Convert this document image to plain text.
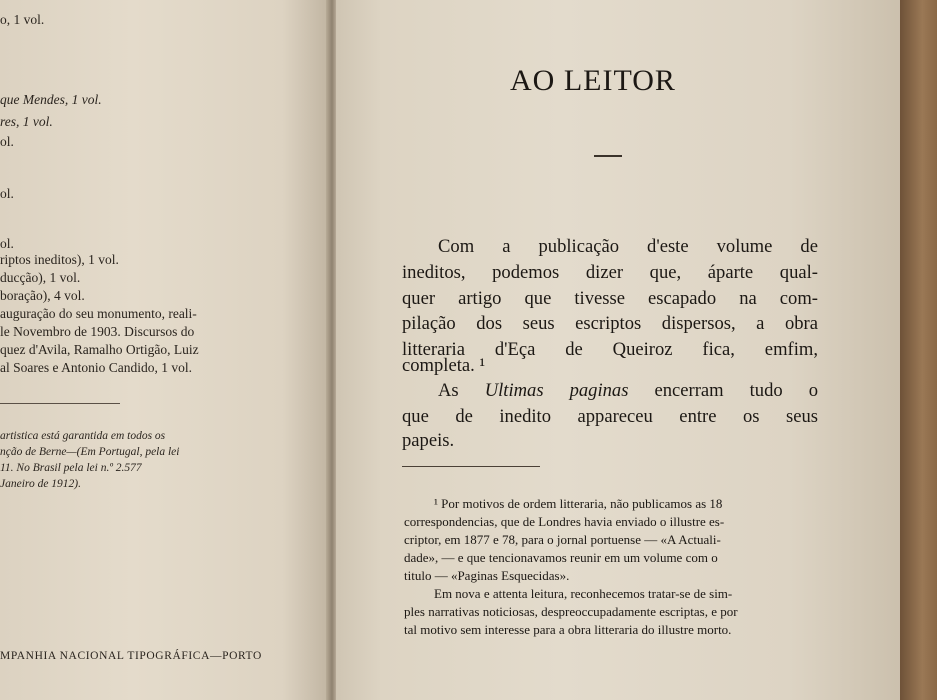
o, 1 vol.
que Mendes, 1 vol.
res, 1 vol.
ol.
ol.
ol.
riptos ineditos), 1 vol.
ducção), 1 vol.
boração), 4 vol.
auguração do seu monumento, reali-
le Novembro de 1903. Discursos do
quez d'Avila, Ramalho Ortigão, Luiz
al Soares e Antonio Candido, 1 vol.
artistica está garantida em todos os
nção de Berne—(Em Portugal, pela lei
11. No Brasil pela lei n.º 2.577
Janeiro de 1912).
MPANHIA NACIONAL TIPOGRÁFICA—PORTO
AO LEITOR
Com a publicação d'este volume de
ineditos, podemos dizer que, áparte qual-
quer artigo que tivesse escapado na com-
pilação dos seus escriptos dispersos, a obra
litteraria d'Eça de Queiroz fica, emfim,
completa. ¹
As Ultimas paginas encerram tudo o
que de inedito appareceu entre os seus
papeis.
¹ Por motivos de ordem litteraria, não publicamos as 18
correspondencias, que de Londres havia enviado o illustre es-
criptor, em 1877 e 78, para o jornal portuense — «A Actuali-
dade», — e que tencionavamos reunir em um volume com o
titulo — «Paginas Esquecidas».
Em nova e attenta leitura, reconhecemos tratar-se de sim-
ples narrativas noticiosas, despreoccupadamente escriptas, e por
tal motivo sem interesse para a obra litteraria do illustre morto.
